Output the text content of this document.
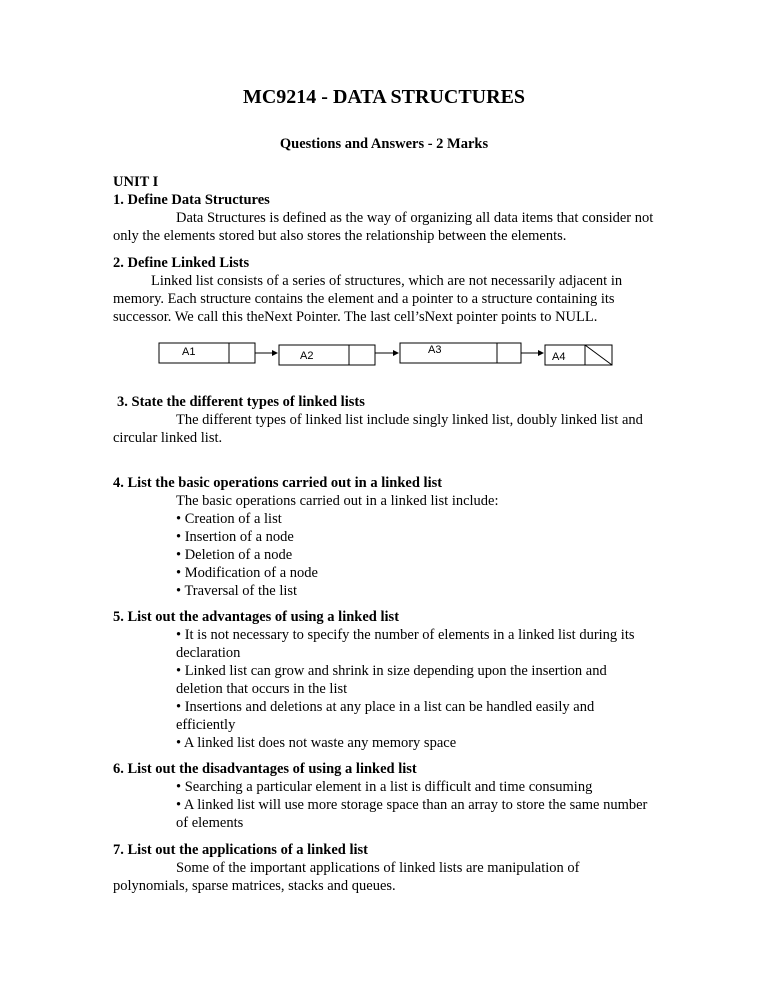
MC9214 - DATA STRUCTURES
Questions and Answers - 2 Marks
UNIT I
1. Define Data Structures
Data Structures is defined as the way of organizing all data items that consider not
only the elements stored but also stores the relationship between the elements.
2. Define Linked Lists
Linked list consists of a series of structures, which are not necessarily adjacent in
memory. Each structure contains the element and a pointer to a structure containing its
successor. We call this theNext Pointer. The last cell’sNext pointer points to NULL.
A1	A2	A3
A4
3. State the different types of linked lists
The different types of linked list include singly linked list, doubly linked list and
circular linked list.
4. List the basic operations carried out in a linked list
The basic operations carried out in a linked list include:
• Creation of a list
• Insertion of a node
• Deletion of a node
• Modification of a node
• Traversal of the list
5. List out the advantages of using a linked list
• It is not necessary to specify the number of elements in a linked list during its
declaration
• Linked list can grow and shrink in size depending upon the insertion and
deletion that occurs in the list
• Insertions and deletions at any place in a list can be handled easily and
efficiently
• A linked list does not waste any memory space
6. List out the disadvantages of using a linked list
• Searching a particular element in a list is difficult and time consuming
• A linked list will use more storage space than an array to store the same number
of elements
7. List out the applications of a linked list
Some of the important applications of linked lists are manipulation of
polynomials, sparse matrices, stacks and queues.
